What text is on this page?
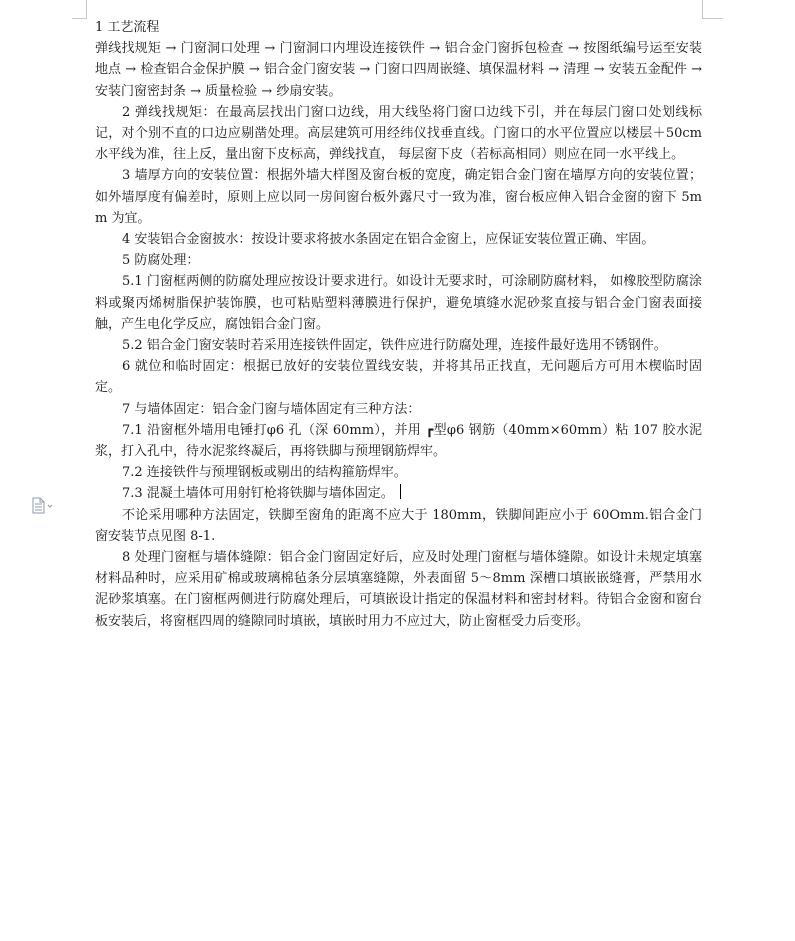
1 工艺流程

弹线找规矩 → 门窗洞口处理 → 门窗洞口内埋设连接铁件 → 铝合金门窗拆包检查 → 按图纸编号运至安装地点 → 检查铝合金保护膜 → 铝合金门窗安装 → 门窗口四周嵌缝、填保温材料 → 清理 → 安装五金配件 → 安装门窗密封条 → 质量检验 → 纱扇安装。

2 弹线找规矩：在最高层找出门窗口边线，用大线坠将门窗口边线下引，并在每层门窗口处划线标记，对个别不直的口边应剔凿处理。高层建筑可用经纬仪找垂直线。门窗口的水平位置应以楼层＋50cm 水平线为准，往上反，量出窗下皮标高，弹线找直， 每层窗下皮（若标高相同）则应在同一水平线上。

3 墙厚方向的安装位置：根据外墙大样图及窗台板的宽度，确定铝合金门窗在墙厚方向的安装位置；如外墙厚度有偏差时，原则上应以同一房间窗台板外露尺寸一致为准，窗台板应伸入铝合金窗的窗下 5mm 为宜。

4 安装铝合金窗披水：按设计要求将披水条固定在铝合金窗上，应保证安装位置正确、牢固。

5 防腐处理：

5.1 门窗框两侧的防腐处理应按设计要求进行。如设计无要求时，可涂刷防腐材料， 如橡胶型防腐涂料或聚丙烯树脂保护装饰膜，也可粘贴塑料薄膜进行保护，避免填缝水泥砂浆直接与铝合金门窗表面接触，产生电化学反应，腐蚀铝合金门窗。

5.2 铝合金门窗安装时若采用连接铁件固定，铁件应进行防腐处理，连接件最好选用不锈钢件。

6 就位和临时固定：根据已放好的安装位置线安装，并将其吊正找直，无问题后方可用木楔临时固定。

7 与墙体固定：铝合金门窗与墙体固定有三种方法：

7.1 沿窗框外墙用电锤打φ6 孔（深 60mm），并用 ┏型φ6 钢筋（40mm×60mm）粘 107 胶水泥浆，打入孔中，待水泥浆终凝后，再将铁脚与预埋钢筋焊牢。

7.2 连接铁件与预埋钢板或剔出的结构箍筋焊牢。

7.3 混凝土墙体可用射钉枪将铁脚与墙体固定。

不论采用哪种方法固定，铁脚至窗角的距离不应大于 180mm，铁脚间距应小于 60Omm.铝合金门窗安装节点见图 8-1.

8 处理门窗框与墙体缝隙：铝合金门窗固定好后，应及时处理门窗框与墙体缝隙。如设计未规定填塞材料品种时，应采用矿棉或玻璃棉毡条分层填塞缝隙，外表面留 5～8mm 深槽口填嵌嵌缝膏，严禁用水泥砂浆填塞。在门窗框两侧进行防腐处理后，可填嵌设计指定的保温材料和密封材料。待铝合金窗和窗台板安装后，将窗框四周的缝隙同时填嵌，填嵌时用力不应过大，防止窗框受力后变形。
